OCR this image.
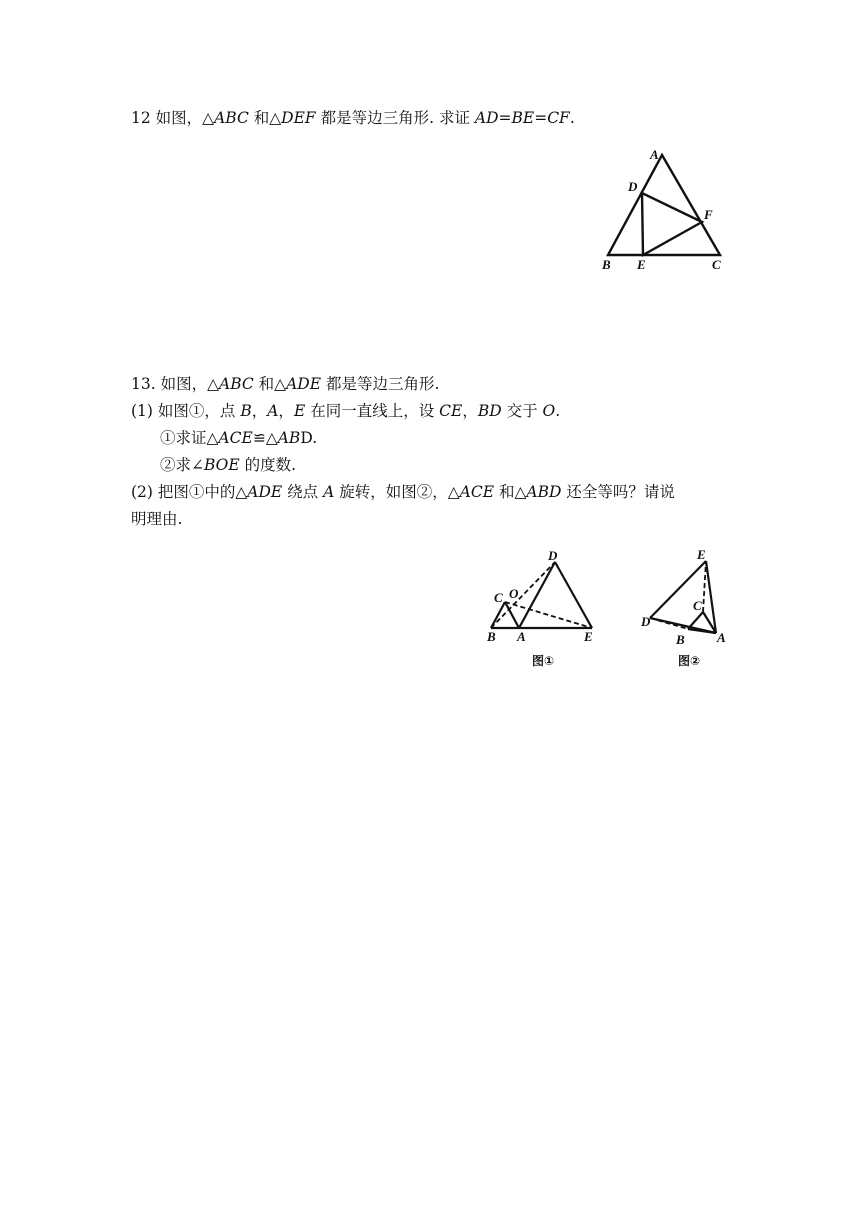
12 如图，△ABC 和△DEF 都是等边三角形. 求证 AD=BE=CF.
A
D
F
B E	C
13. 如图，△ABC 和△ADE 都是等边三角形.
(1) 如图①，点 B，A，E 在同一直线上，设 CE，BD 交于 O.
①求证△ACE≌△ABD.
②求∠BOE 的度数.
(2) 把图①中的△ADE 绕点 A 旋转，如图②，△ACE 和△ABD 还全等吗？请说
明理由.
D
O
C
B A	E
图①
E
C
D
B A
图②
